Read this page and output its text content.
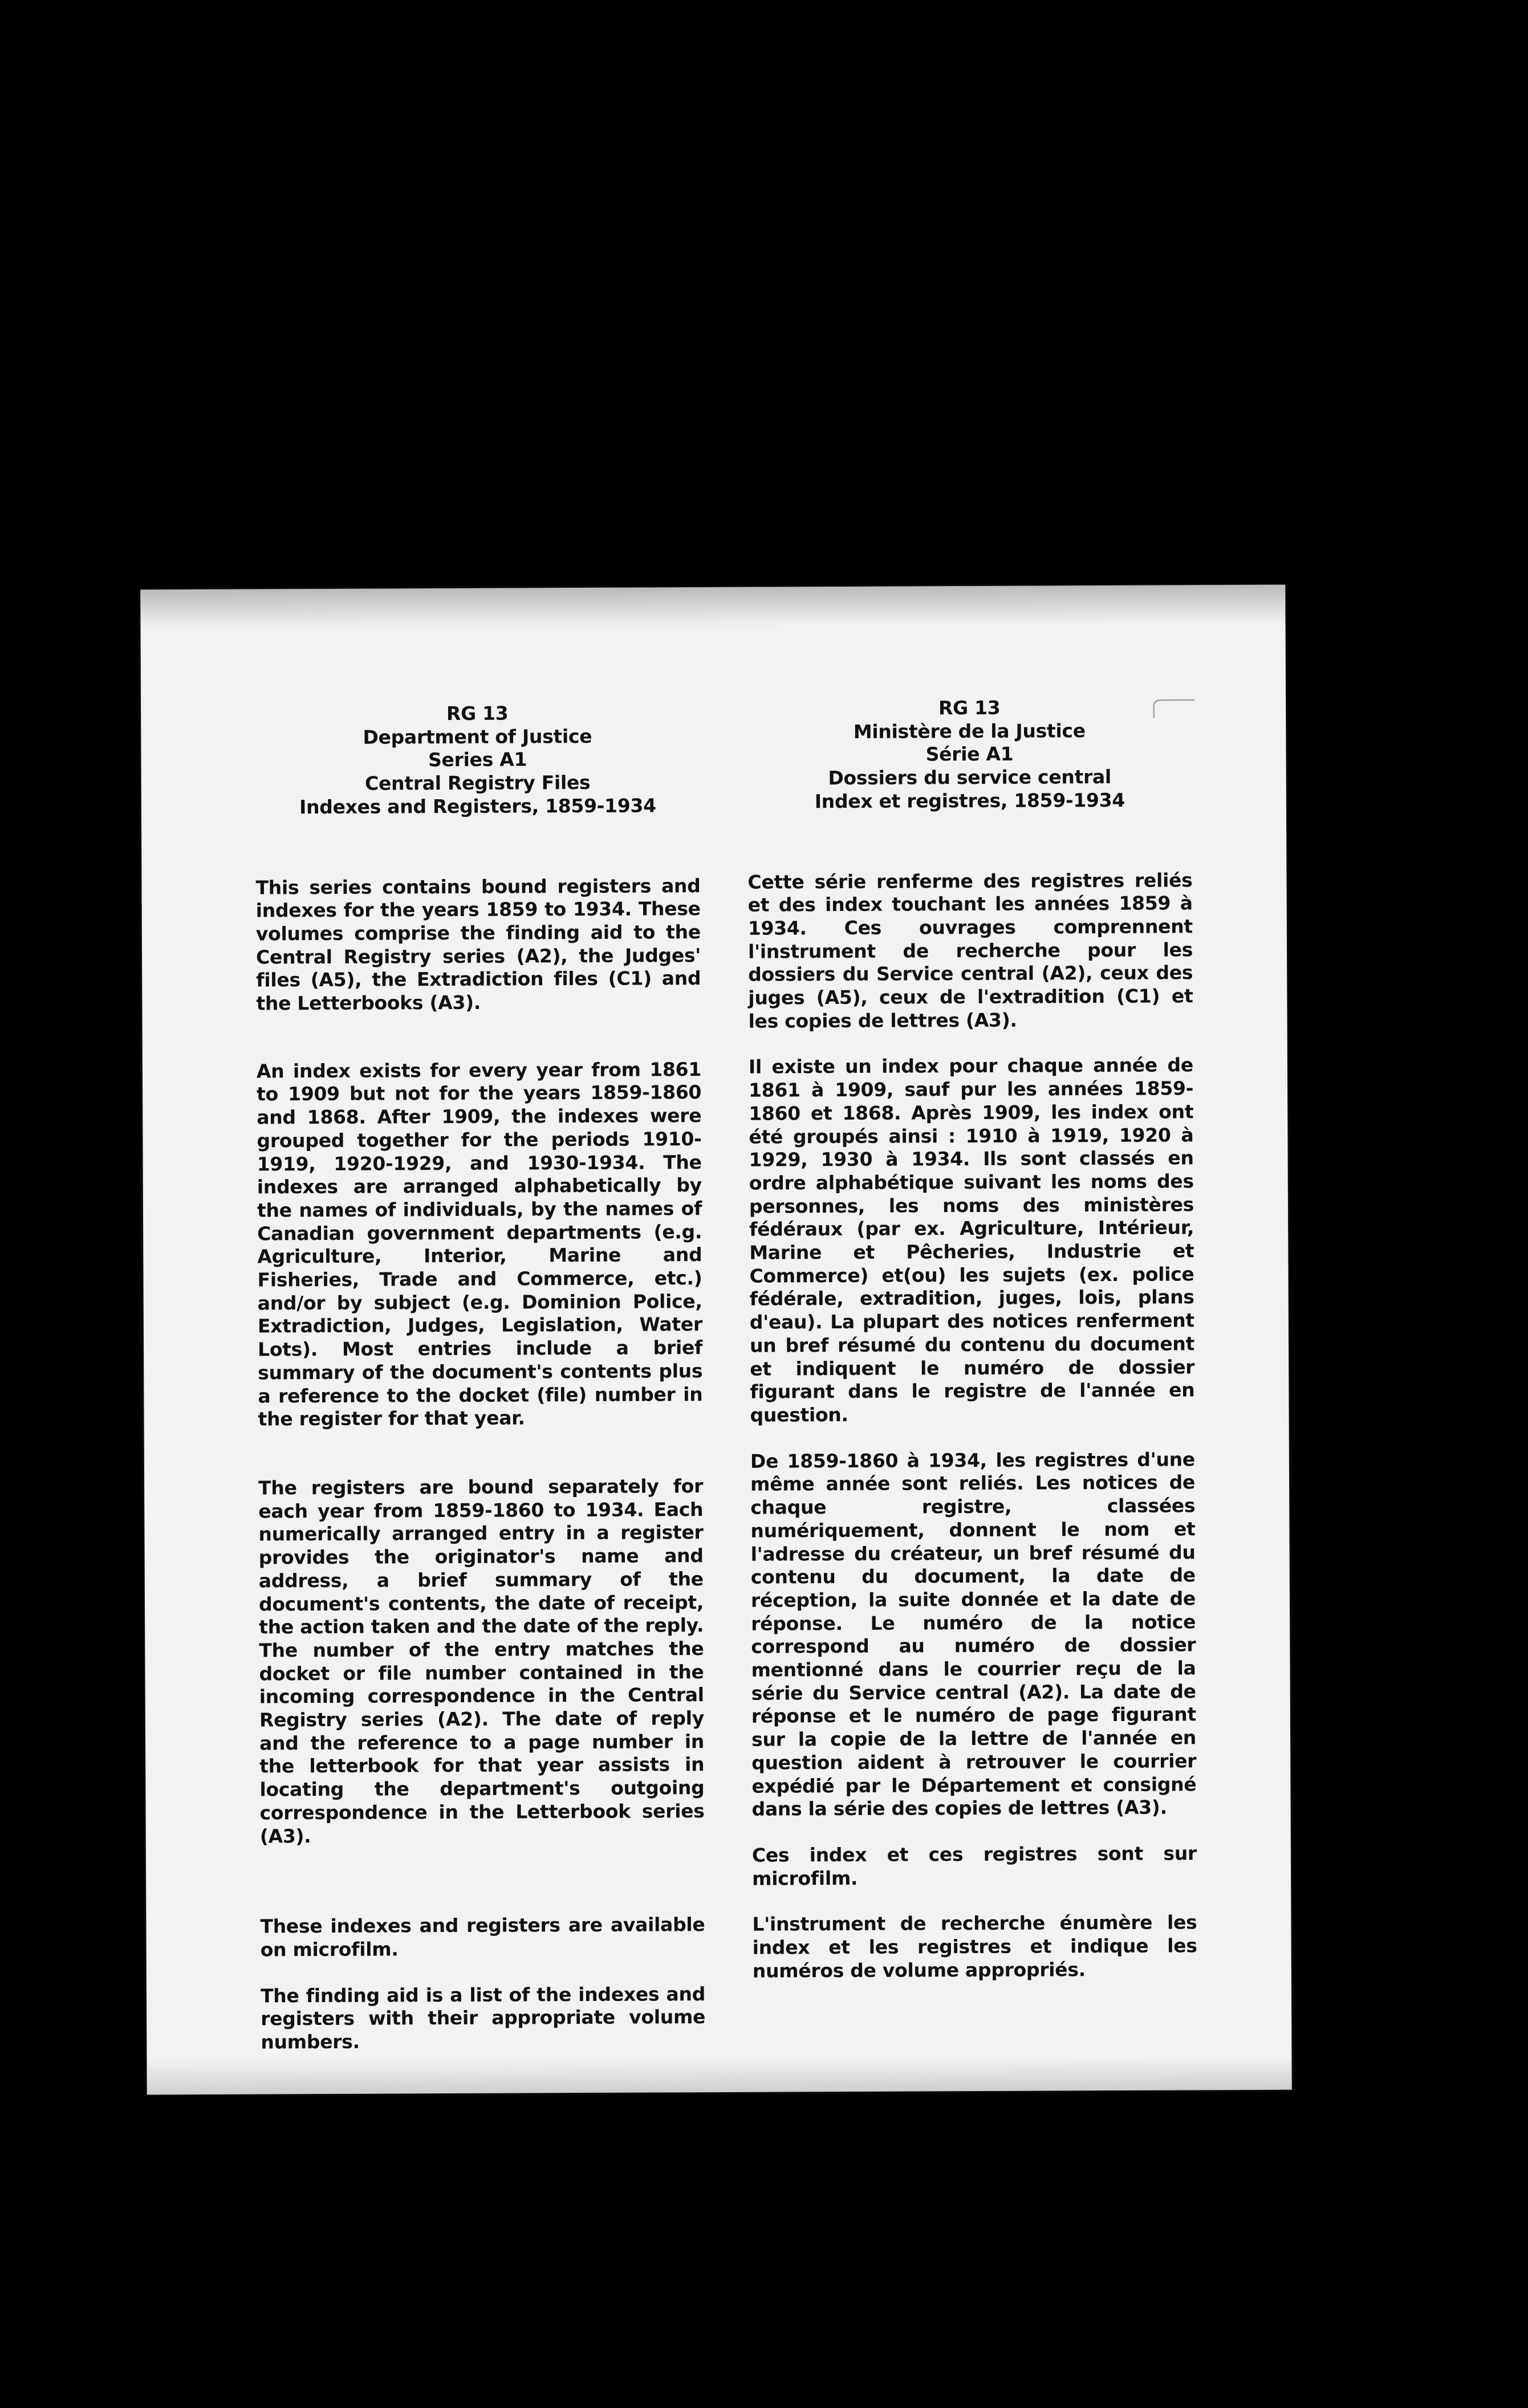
RG 13
Department of Justice
Series A1
Central Registry Files
Indexes and Registers, 1859-1934

This series contains bound registers and indexes for the years 1859 to 1934. These volumes comprise the finding aid to the Central Registry series (A2), the Judges' files (A5), the Extradiction files (C1) and the Letterbooks (A3).

An index exists for every year from 1861 to 1909 but not for the years 1859-1860 and 1868. After 1909, the indexes were grouped together for the periods 1910-1919, 1920-1929, and 1930-1934. The indexes are arranged alphabetically by the names of individuals, by the names of Canadian government departments (e.g. Agriculture, Interior, Marine and Fisheries, Trade and Commerce, etc.) and/or by subject (e.g. Dominion Police, Extradiction, Judges, Legislation, Water Lots). Most entries include a brief summary of the document's contents plus a reference to the docket (file) number in the register for that year.

The registers are bound separately for each year from 1859-1860 to 1934. Each numerically arranged entry in a register provides the originator's name and address, a brief summary of the document's contents, the date of receipt, the action taken and the date of the reply. The number of the entry matches the docket or file number contained in the incoming correspondence in the Central Registry series (A2). The date of reply and the reference to a page number in the letterbook for that year assists in locating the department's outgoing correspondence in the Letterbook series (A3).

These indexes and registers are available on microfilm.

The finding aid is a list of the indexes and registers with their appropriate volume numbers.

RG 13
Ministère de la Justice
Série A1
Dossiers du service central
Index et registres, 1859-1934

Cette série renferme des registres reliés et des index touchant les années 1859 à 1934. Ces ouvrages comprennent l'instrument de recherche pour les dossiers du Service central (A2), ceux des juges (A5), ceux de l'extradition (C1) et les copies de lettres (A3).

Il existe un index pour chaque année de 1861 à 1909, sauf pur les années 1859-1860 et 1868. Après 1909, les index ont été groupés ainsi : 1910 à 1919, 1920 à 1929, 1930 à 1934. Ils sont classés en ordre alphabétique suivant les noms des personnes, les noms des ministères fédéraux (par ex. Agriculture, Intérieur, Marine et Pêcheries, Industrie et Commerce) et(ou) les sujets (ex. police fédérale, extradition, juges, lois, plans d'eau). La plupart des notices renferment un bref résumé du contenu du document et indiquent le numéro de dossier figurant dans le registre de l'année en question.

De 1859-1860 à 1934, les registres d'une même année sont reliés. Les notices de chaque registre, classées numériquement, donnent le nom et l'adresse du créateur, un bref résumé du contenu du document, la date de réception, la suite donnée et la date de réponse. Le numéro de la notice correspond au numéro de dossier mentionné dans le courrier reçu de la série du Service central (A2). La date de réponse et le numéro de page figurant sur la copie de la lettre de l'année en question aident à retrouver le courrier expédié par le Département et consigné dans la série des copies de lettres (A3).

Ces index et ces registres sont sur microfilm.

L'instrument de recherche énumère les index et les registres et indique les numéros de volume appropriés.
